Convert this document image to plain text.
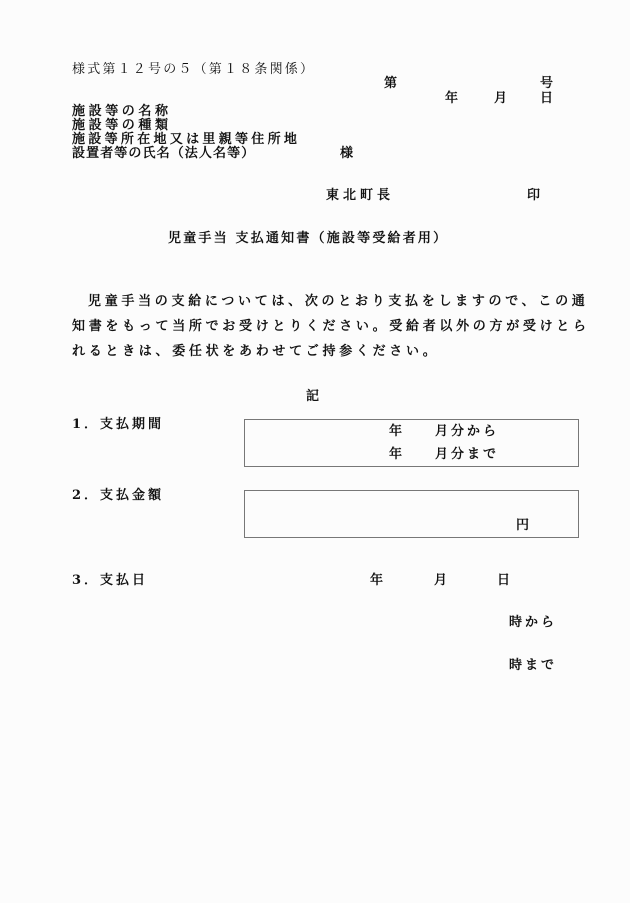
様式第１２号の５（第１８条関係）
第	号
年	月	日
施設等の名称
施設等の種類
施設等所在地又は里親等住所地
設置者等の氏名（法人名等）	様
東北町長	印
児童手当 支払通知書（施設等受給者用）
児童手当の支給については、次のとおり支払をしますので、この通
知書をもって当所でお受けとりください。受給者以外の方が受けとら
れるときは、委任状をあわせてご持参ください。
記
1．支払期間	年	月分から
年	月分まで
2．支払金額
円
3．支払日	年	月	日
時から
時まで
